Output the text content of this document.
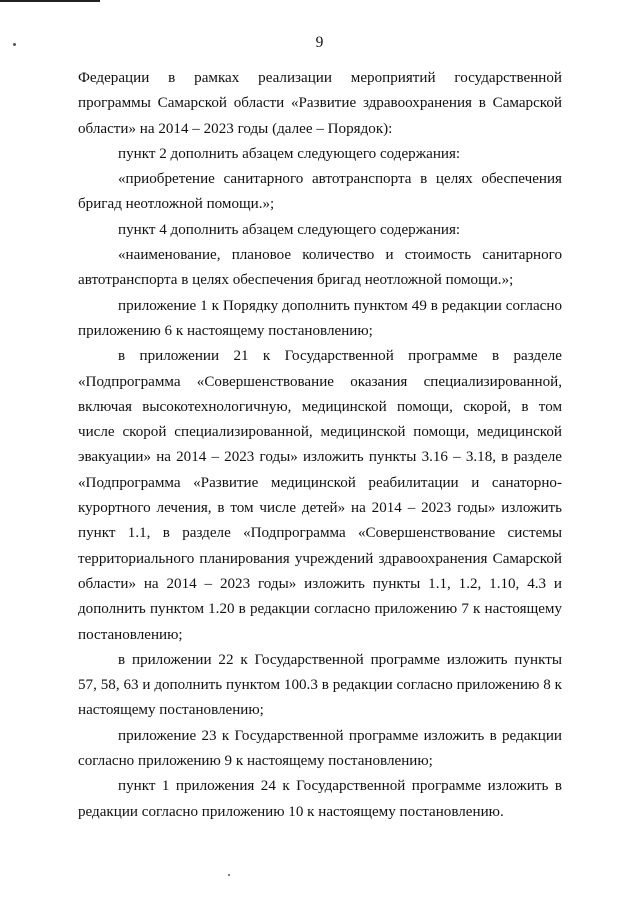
9

Федерации в рамках реализации мероприятий государственной программы Самарской области «Развитие здравоохранения в Самарской области» на 2014 – 2023 годы (далее – Порядок):

пункт 2 дополнить абзацем следующего содержания:

«приобретение санитарного автотранспорта в целях обеспечения бригад неотложной помощи.»;

пункт 4 дополнить абзацем следующего содержания:

«наименование, плановое количество и стоимость санитарного автотранспорта в целях обеспечения бригад неотложной помощи.»;

приложение 1 к Порядку дополнить пунктом 49 в редакции согласно приложению 6 к настоящему постановлению;

в приложении 21 к Государственной программе в разделе «Подпрограмма «Совершенствование оказания специализированной, включая высокотехнологичную, медицинской помощи, скорой, в том числе скорой специализированной, медицинской помощи, медицинской эвакуации» на 2014 – 2023 годы» изложить пункты 3.16 – 3.18, в разделе «Подпрограмма «Развитие медицинской реабилитации и санаторно-курортного лечения, в том числе детей» на 2014 – 2023 годы» изложить пункт 1.1, в разделе «Подпрограмма «Совершенствование системы территориального планирования учреждений здравоохранения Самарской области» на 2014 – 2023 годы» изложить пункты 1.1, 1.2, 1.10, 4.3 и дополнить пунктом 1.20 в редакции согласно приложению 7 к настоящему постановлению;

в приложении 22 к Государственной программе изложить пункты 57, 58, 63 и дополнить пунктом 100.3 в редакции согласно приложению 8 к настоящему постановлению;

приложение 23 к Государственной программе изложить в редакции согласно приложению 9 к настоящему постановлению;

пункт 1 приложения 24 к Государственной программе изложить в редакции согласно приложению 10 к настоящему постановлению.
